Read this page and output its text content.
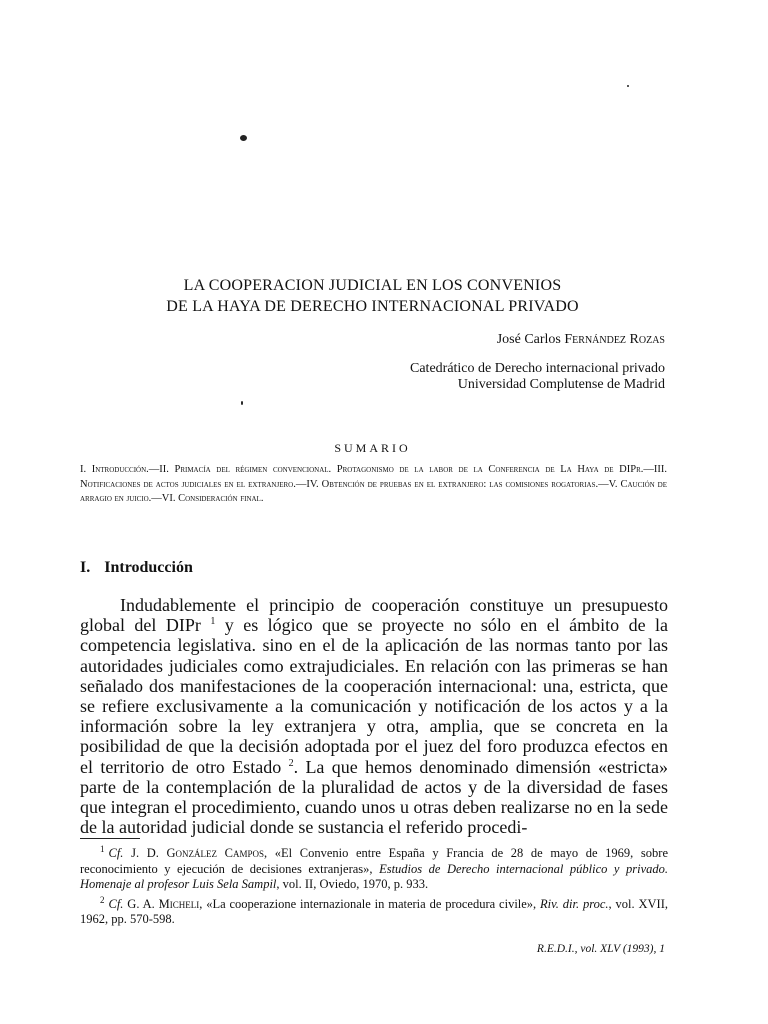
LA COOPERACION JUDICIAL EN LOS CONVENIOS
DE LA HAYA DE DERECHO INTERNACIONAL PRIVADO
José Carlos Fernández Rozas
Catedrático de Derecho internacional privado
Universidad Complutense de Madrid
SUMARIO
I. Introducción.—II. Primacía del régimen convencional. Protagonismo de la labor de la Conferencia de La Haya de DIPr.—III. Notificaciones de actos judiciales en el extranjero.—IV. Obtención de pruebas en el extranjero: las comisiones rogatorias.—V. Caución de arragio en juicio.—VI. Consideración final.
I. Introducción

Indudablemente el principio de cooperación constituye un presupuesto global del DIPr $^1$ y es lógico que se proyecte no sólo en el ámbito de la competencia legislativa. sino en el de la aplicación de las normas tanto por las autoridades judiciales como extrajudiciales. En relación con las primeras se han señalado dos manifestaciones de la cooperación internacional: una, estricta, que se refiere exclusivamente a la comunicación y notificación de los actos y a la información sobre la ley extranjera y otra, amplia, que se concreta en la posibilidad de que la decisión adoptada por el juez del foro produzca efectos en el territorio de otro Estado $^2$. La que hemos denominado dimensión «estricta» parte de la contemplación de la pluralidad de actos y de la diversidad de fases que integran el procedimiento, cuando unos u otras deben realizarse no en la sede de la autoridad judicial donde se sustancia el referido procedi-

$^1$ Cf. J. D. González Campos, «El Convenio entre España y Francia de 28 de mayo de 1969, sobre reconocimiento y ejecución de decisiones extranjeras», Estudios de Derecho internacional público y privado. Homenaje al profesor Luis Sela Sampil, vol. II, Oviedo, 1970, p. 933.

$^2$ Cf. G. A. Micheli, «La cooperazione internazionale in materia de procedura civile», Riv. dir. proc., vol. XVII, 1962, pp. 570-598.

R.E.D.I., vol. XLV (1993), 1
